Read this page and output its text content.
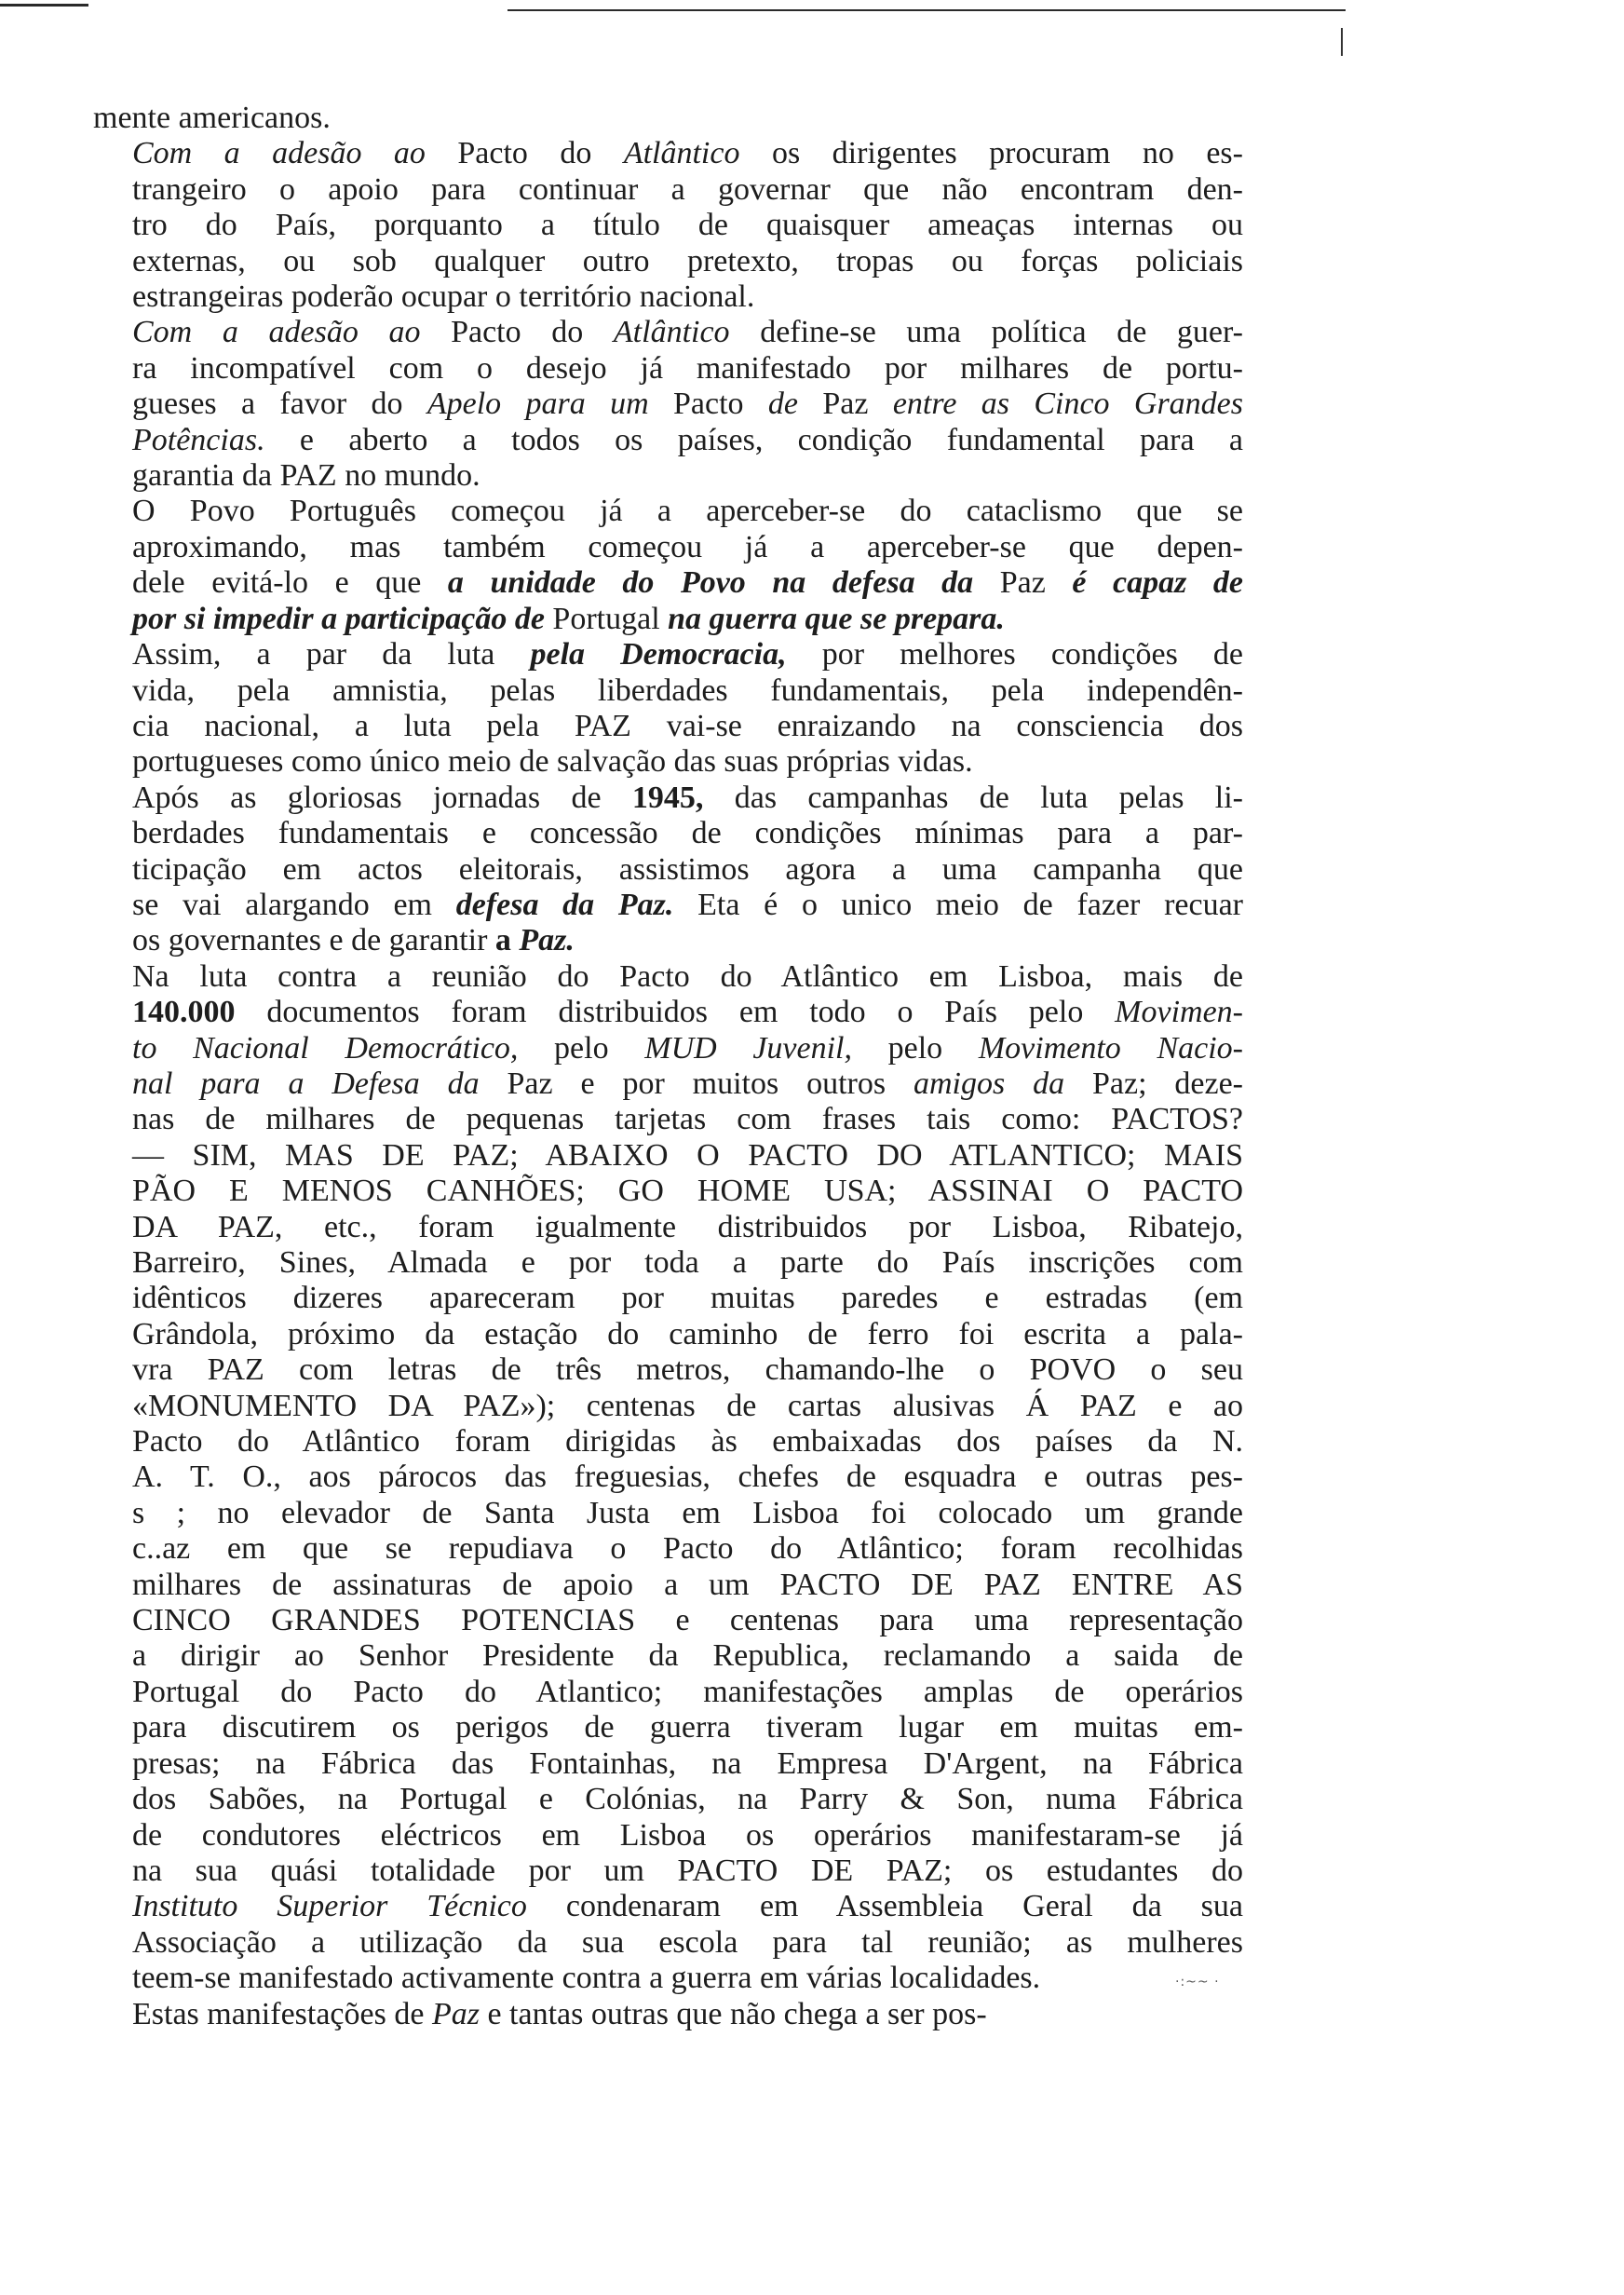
mente americanos.
Com a adesão ao Pacto do Atlântico os dirigentes procuram no es-
trangeiro o apoio para continuar a governar que não encontram den-
tro do País, porquanto a título de quaisquer ameaças internas ou
externas, ou sob qualquer outro pretexto, tropas ou forças policiais
estrangeiras poderão ocupar o território nacional.
Com a adesão ao Pacto do Atlântico define-se uma política de guer-
ra incompatível com o desejo já manifestado por milhares de portu-
gueses a favor do Apelo para um Pacto de Paz entre as Cinco Grandes
Potências. e aberto a todos os países, condição fundamental para a
garantia da PAZ no mundo.
O Povo Português começou já a aperceber-se do cataclismo que se
aproximando, mas também começou já a aperceber-se que depen-
dele evitá-lo e que a unidade do Povo na defesa da Paz é capaz de
por si impedir a participação de Portugal na guerra que se prepara.
Assim, a par da luta pela Democracia, por melhores condições de
vida, pela amnistia, pelas liberdades fundamentais, pela independên-
cia nacional, a luta pela PAZ vai-se enraizando na consciencia dos
portugueses como único meio de salvação das suas próprias vidas.
Após as gloriosas jornadas de 1945, das campanhas de luta pelas li-
berdades fundamentais e concessão de condições mínimas para a par-
ticipação em actos eleitorais, assistimos agora a uma campanha que
se vai alargando em defesa da Paz. Eta é o unico meio de fazer recuar
os governantes e de garantir a Paz.
Na luta contra a reunião do Pacto do Atlântico em Lisboa, mais de
140.000 documentos foram distribuidos em todo o País pelo Movimen-
to Nacional Democrático, pelo MUD Juvenil, pelo Movimento Nacio-
nal para a Defesa da Paz e por muitos outros amigos da Paz; deze-
nas de milhares de pequenas tarjetas com frases tais como: PACTOS?
— SIM, MAS DE PAZ; ABAIXO O PACTO DO ATLANTICO; MAIS
PÃO E MENOS CANHÕES; GO HOME USA; ASSINAI O PACTO
DA PAZ, etc., foram igualmente distribuidos por Lisboa, Ribatejo,
Barreiro, Sines, Almada e por toda a parte do País inscrições com
idênticos dizeres apareceram por muitas paredes e estradas (em
Grândola, próximo da estação do caminho de ferro foi escrita a pala-
vra PAZ com letras de três metros, chamando-lhe o POVO o seu
«MONUMENTO DA PAZ»); centenas de cartas alusivas Á PAZ e ao
Pacto do Atlântico foram dirigidas às embaixadas dos países da N.
A. T. O., aos párocos das freguesias, chefes de esquadra e outras pes-
s ; no elevador de Santa Justa em Lisboa foi colocado um grande
c..az em que se repudiava o Pacto do Atlântico; foram recolhidas
milhares de assinaturas de apoio a um PACTO DE PAZ ENTRE AS
CINCO GRANDES POTENCIAS e centenas para uma representação
a dirigir ao Senhor Presidente da Republica, reclamando a saida de
Portugal do Pacto do Atlantico; manifestações amplas de operários
para discutirem os perigos de guerra tiveram lugar em muitas em-
presas; na Fábrica das Fontainhas, na Empresa D'Argent, na Fábrica
dos Sabões, na Portugal e Colónias, na Parry & Son, numa Fábrica
de condutores eléctricos em Lisboa os operários manifestaram-se já
na sua quási totalidade por um PACTO DE PAZ; os estudantes do
Instituto Superior Técnico condenaram em Assembleia Geral da sua
Associação a utilização da sua escola para tal reunião; as mulheres
teem-se manifestado activamente contra a guerra em várias localidades.
Estas manifestações de Paz e tantas outras que não chega a ser pos-
·:~~ ·
